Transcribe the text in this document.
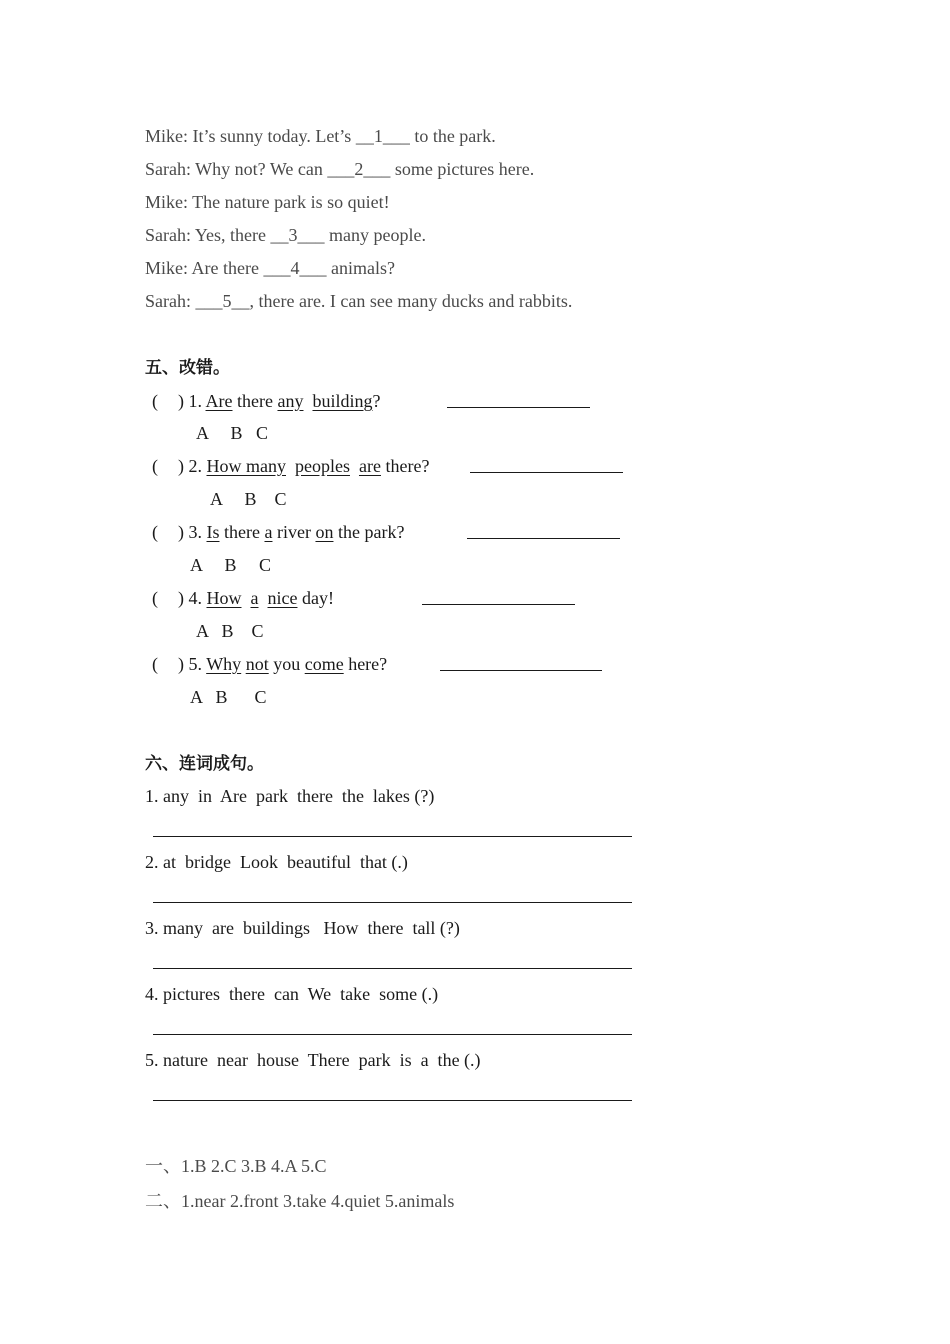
Mike: It’s sunny today. Let’s __1___ to the park.
Sarah: Why not? We can ___2___ some pictures here.
Mike: The nature park is so quiet!
Sarah: Yes, there __3___ many people.
Mike: Are there ___4___ animals?
Sarah: ___5__, there are. I can see many ducks and rabbits.
五、改错。
( ) 1. Are there any building?
A     B   C
( ) 2. How many peoples are there?
A     B    C
( ) 3. Is there a river on the park?
A     B     C
( ) 4. How a nice day!
A   B    C
( ) 5. Why not you come here?
A   B      C
六、连词成句。
1. any  in  Are  park  there  the  lakes (?)
2. at  bridge  Look  beautiful  that (.)
3. many  are  buildings   How  there  tall (?)
4. pictures  there  can  We  take  some (.)
5. nature  near  house  There  park  is  a  the (.)
一、1.B 2.C 3.B 4.A 5.C
二、1.near 2.front 3.take 4.quiet 5.animals
